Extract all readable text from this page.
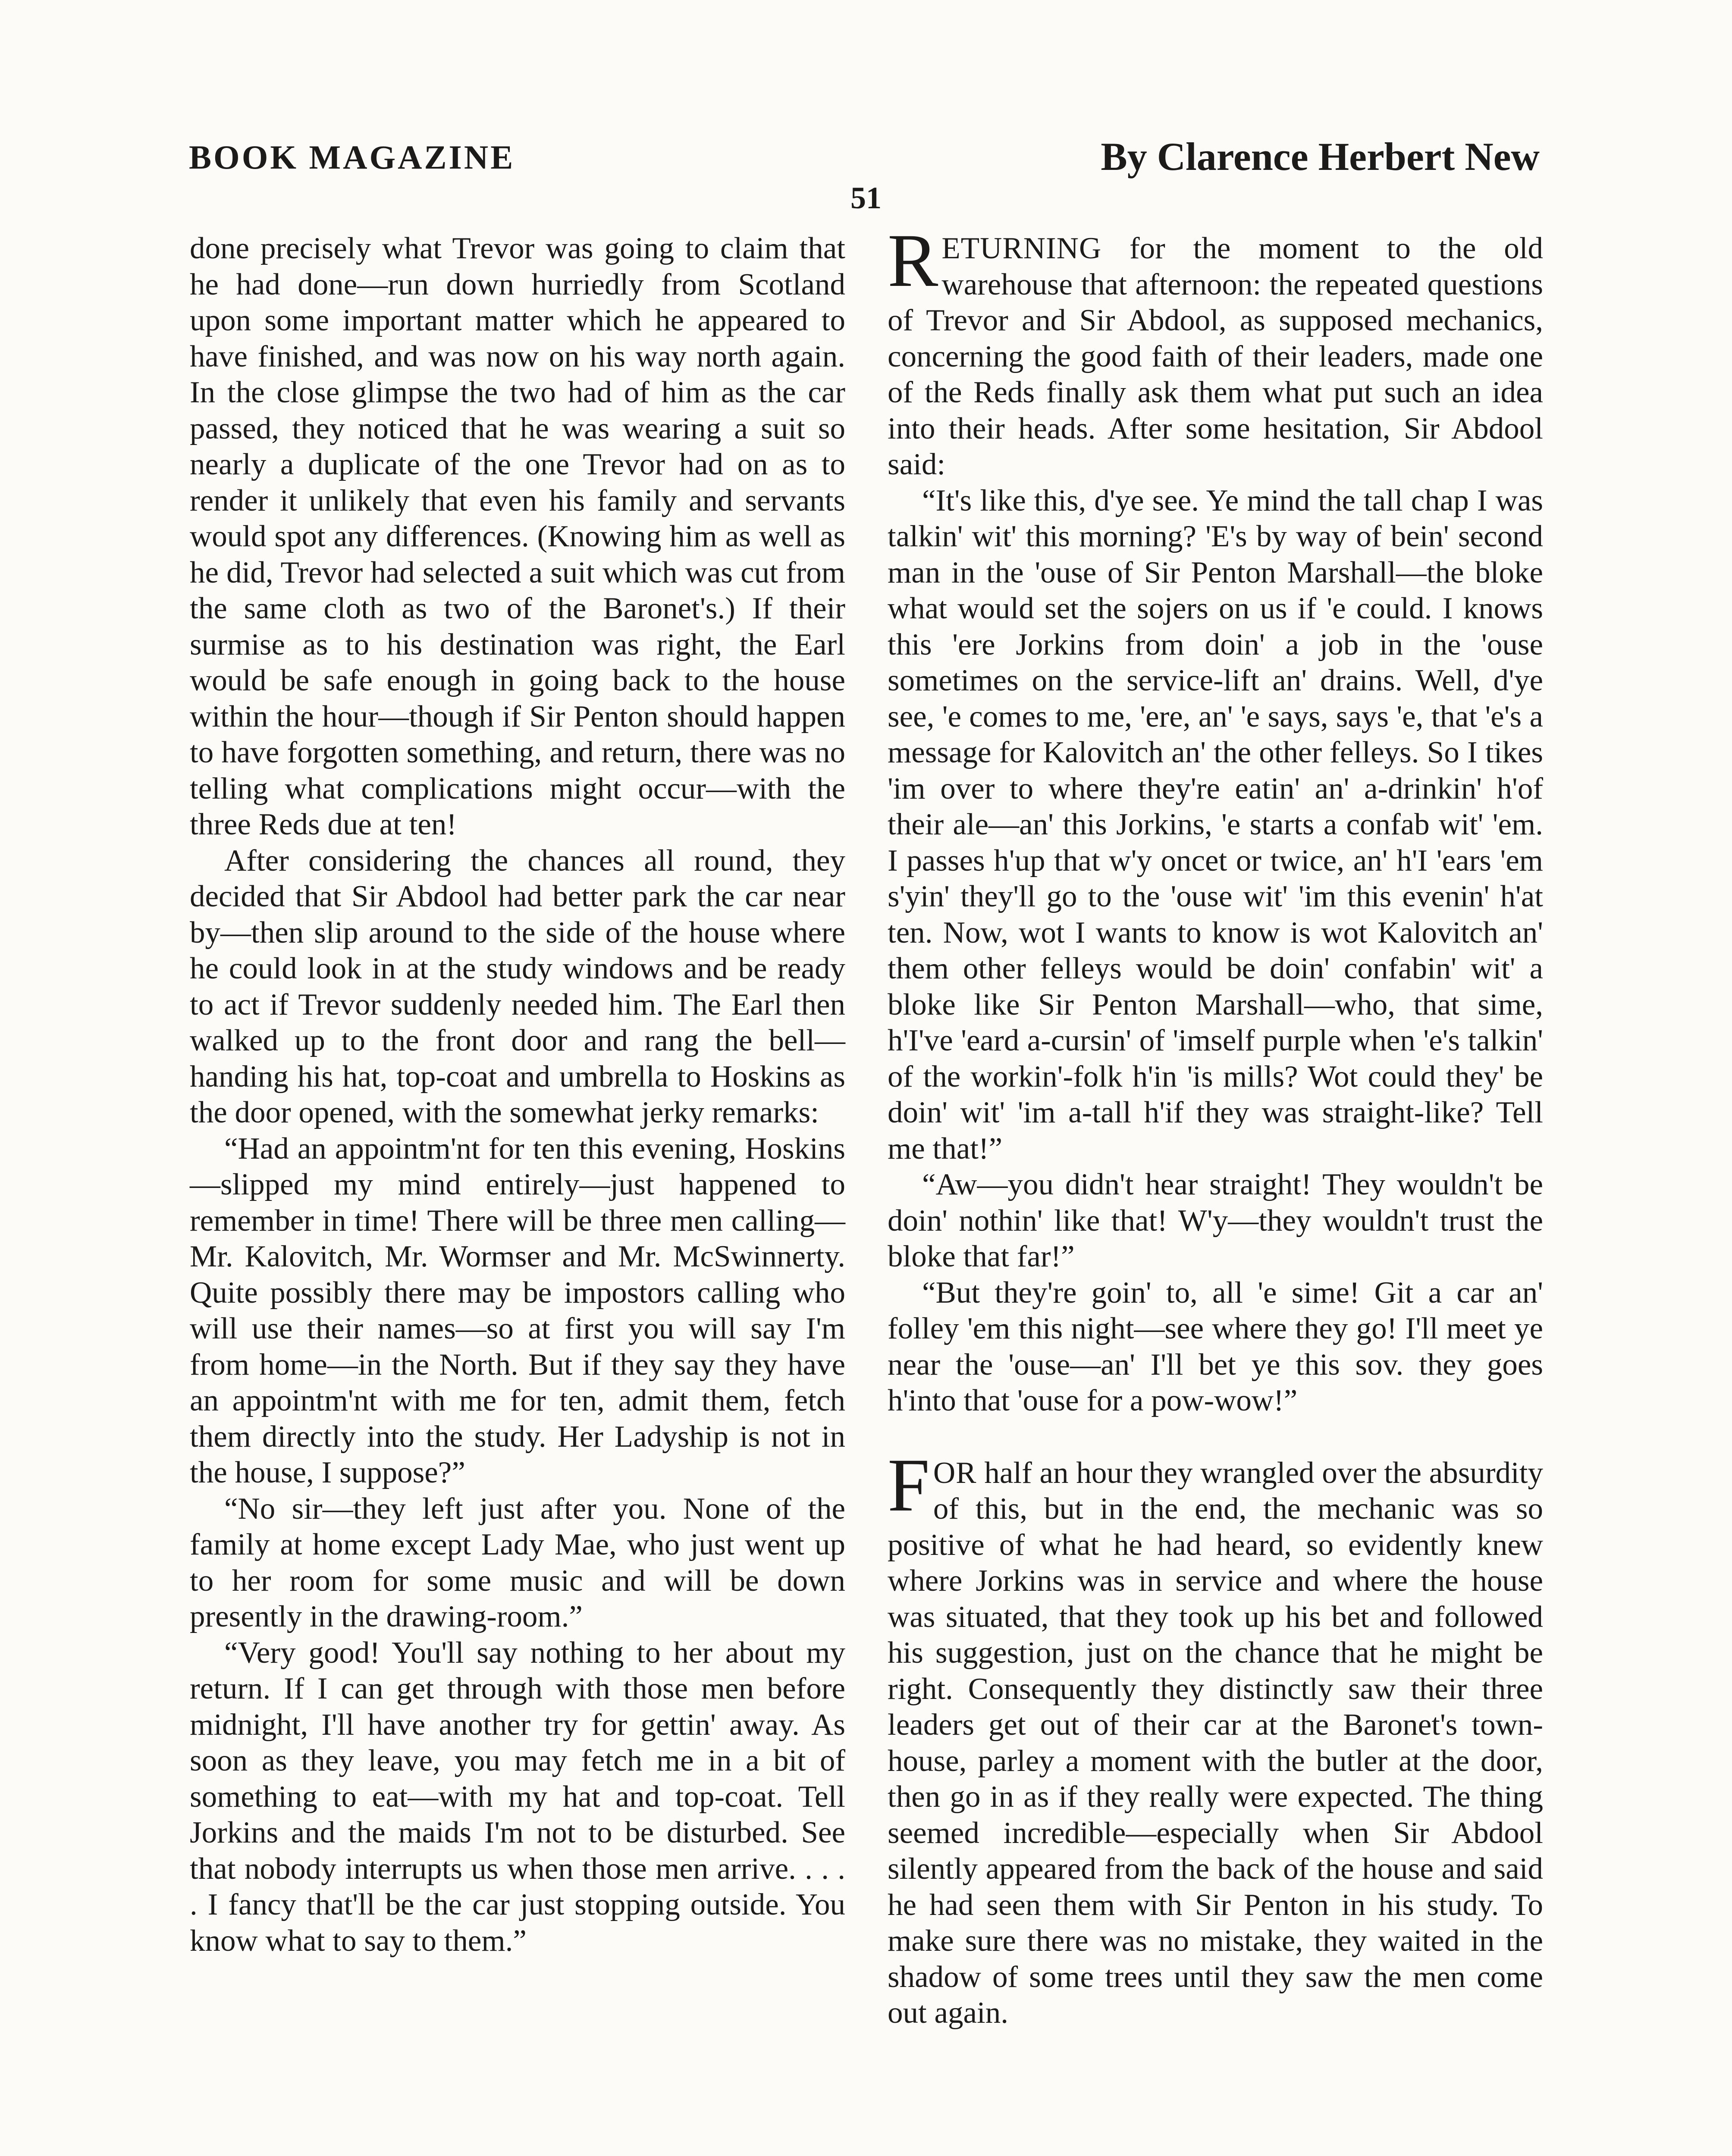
BOOK MAGAZINE	By Clarence Herbert New
51

done precisely what Trevor was going to claim that he had done—run down hurriedly from Scotland upon some important matter which he appeared to have finished, and was now on his way north again. In the close glimpse the two had of him as the car passed, they noticed that he was wearing a suit so nearly a duplicate of the one Trevor had on as to render it unlikely that even his family and servants would spot any differences. (Knowing him as well as he did, Trevor had selected a suit which was cut from the same cloth as two of the Baronet's.) If their surmise as to his destination was right, the Earl would be safe enough in going back to the house within the hour—though if Sir Penton should happen to have forgotten something, and return, there was no telling what complications might occur—with the three Reds due at ten!

After considering the chances all round, they decided that Sir Abdool had better park the car near by—then slip around to the side of the house where he could look in at the study windows and be ready to act if Trevor suddenly needed him. The Earl then walked up to the front door and rang the bell—handing his hat, top-coat and umbrella to Hoskins as the door opened, with the somewhat jerky remarks:

“Had an appointm'nt for ten this evening, Hoskins—slipped my mind entirely—just happened to remember in time! There will be three men calling—Mr. Kalovitch, Mr. Wormser and Mr. McSwinnerty. Quite possibly there may be impostors calling who will use their names—so at first you will say I'm from home—in the North. But if they say they have an appointm'nt with me for ten, admit them, fetch them directly into the study. Her Ladyship is not in the house, I suppose?”

“No sir—they left just after you. None of the family at home except Lady Mae, who just went up to her room for some music and will be down presently in the drawing-room.”

“Very good! You'll say nothing to her about my return. If I can get through with those men before midnight, I'll have another try for gettin' away. As soon as they leave, you may fetch me in a bit of something to eat—with my hat and top-coat. Tell Jorkins and the maids I'm not to be disturbed. See that nobody interrupts us when those men arrive. . . . . I fancy that'll be the car just stopping outside. You know what to say to them.”

RETURNING for the moment to the old warehouse that afternoon: the repeated questions of Trevor and Sir Abdool, as supposed mechanics, concerning the good faith of their leaders, made one of the Reds finally ask them what put such an idea into their heads. After some hesitation, Sir Abdool said:

“It's like this, d'ye see. Ye mind the tall chap I was talkin' wit' this morning? 'E's by way of bein' second man in the 'ouse of Sir Penton Marshall—the bloke what would set the sojers on us if 'e could. I knows this 'ere Jorkins from doin' a job in the 'ouse sometimes on the service-lift an' drains. Well, d'ye see, 'e comes to me, 'ere, an' 'e says, says 'e, that 'e's a message for Kalovitch an' the other felleys. So I tikes 'im over to where they're eatin' an' a-drinkin' h'of their ale—an' this Jorkins, 'e starts a confab wit' 'em. I passes h'up that w'y oncet or twice, an' h'I 'ears 'em s'yin' they'll go to the 'ouse wit' 'im this evenin' h'at ten. Now, wot I wants to know is wot Kalovitch an' them other felleys would be doin' confabin' wit' a bloke like Sir Penton Marshall—who, that sime, h'I've 'eard a-cursin' of 'imself purple when 'e's talkin' of the workin'-folk h'in 'is mills? Wot could they' be doin' wit' 'im a-tall h'if they was straight-like? Tell me that!”

“Aw—you didn't hear straight! They wouldn't be doin' nothin' like that! W'y—they wouldn't trust the bloke that far!”

“But they're goin' to, all 'e sime! Git a car an' folley 'em this night—see where they go! I'll meet ye near the 'ouse—an' I'll bet ye this sov. they goes h'into that 'ouse for a pow-wow!”

FOR half an hour they wrangled over the absurdity of this, but in the end, the mechanic was so positive of what he had heard, so evidently knew where Jorkins was in service and where the house was situated, that they took up his bet and followed his suggestion, just on the chance that he might be right. Consequently they distinctly saw their three leaders get out of their car at the Baronet's town-house, parley a moment with the butler at the door, then go in as if they really were expected. The thing seemed incredible—especially when Sir Abdool silently appeared from the back of the house and said he had seen them with Sir Penton in his study. To make sure there was no mistake, they waited in the shadow of some trees until they saw the men come out again.
